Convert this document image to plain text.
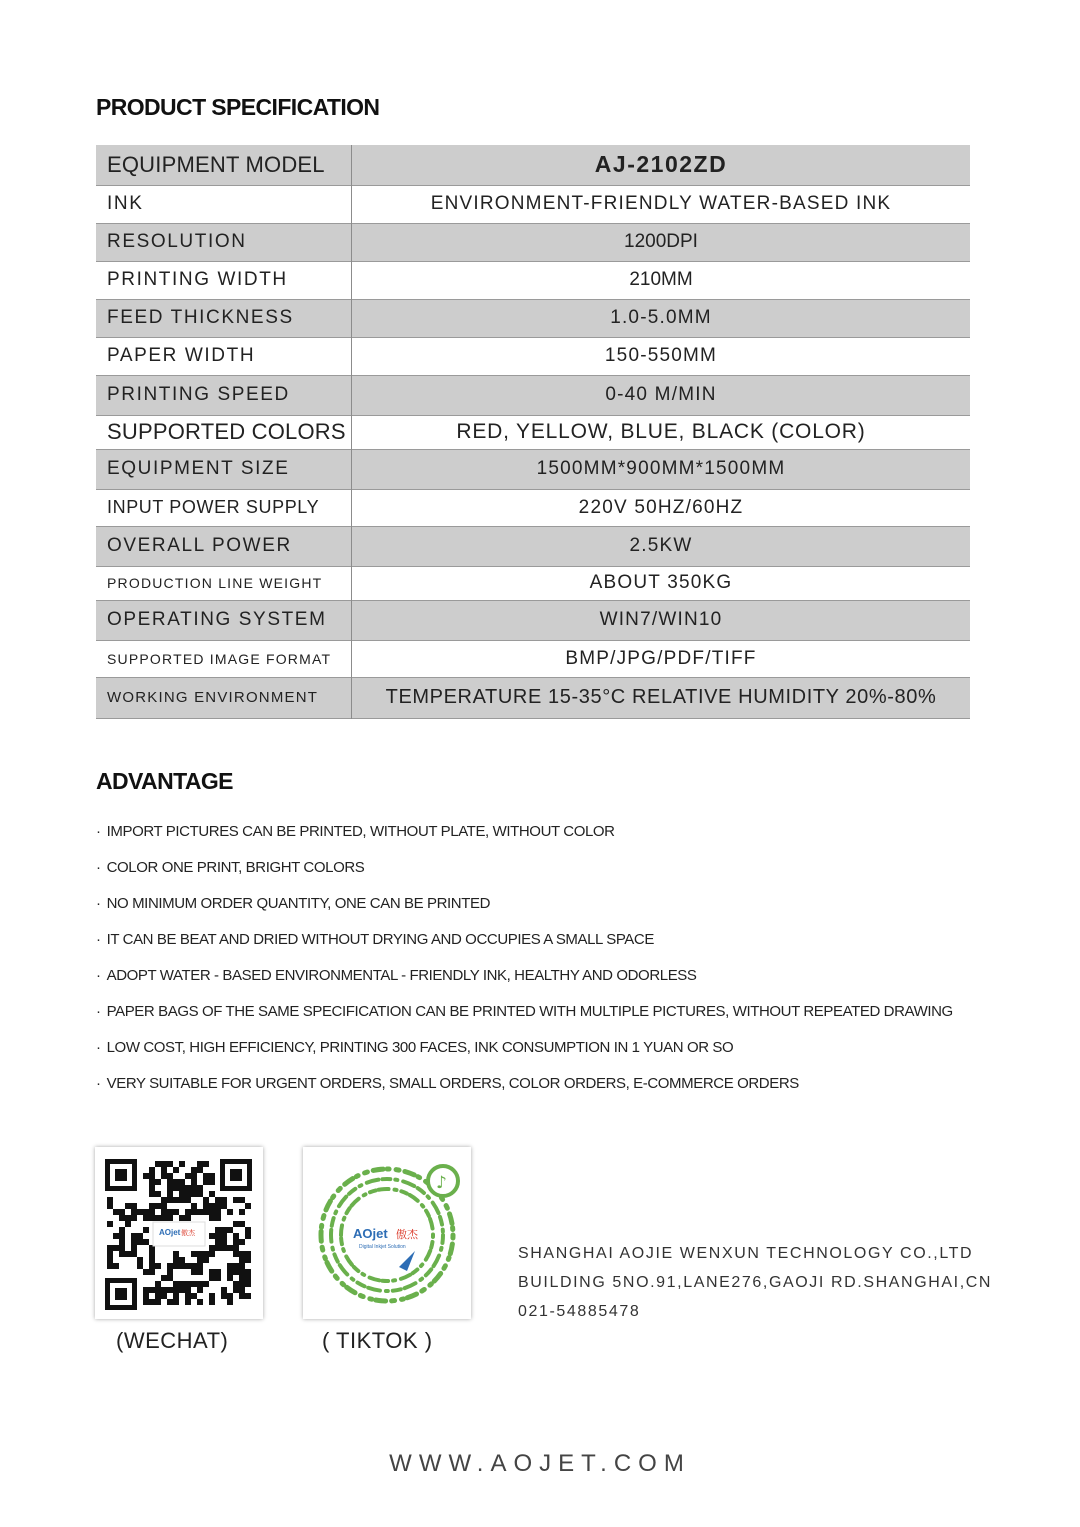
PRODUCT SPECIFICATION
EQUIPMENT MODEL	AJ-2102ZD
INK	ENVIRONMENT-FRIENDLY WATER-BASED INK
RESOLUTION	1200DPI
PRINTING WIDTH	210MM
FEED THICKNESS	1.0-5.0MM
PAPER WIDTH	150-550MM
PRINTING SPEED	0-40 M/MIN
SUPPORTED COLORS	RED, YELLOW, BLUE, BLACK (COLOR)
EQUIPMENT SIZE	1500MM*900MM*1500MM
INPUT POWER SUPPLY	220V 50HZ/60HZ
OVERALL POWER	2.5KW
PRODUCTION LINE WEIGHT	ABOUT 350KG
OPERATING SYSTEM	WIN7/WIN10
SUPPORTED IMAGE FORMAT	BMP/JPG/PDF/TIFF
WORKING ENVIRONMENT	TEMPERATURE 15-35°C RELATIVE HUMIDITY 20%-80%
ADVANTAGE
· IMPORT PICTURES CAN BE PRINTED, WITHOUT PLATE, WITHOUT COLOR
· COLOR ONE PRINT, BRIGHT COLORS
· NO MINIMUM ORDER QUANTITY, ONE CAN BE PRINTED
· IT CAN BE BEAT AND DRIED WITHOUT DRYING AND OCCUPIES A SMALL SPACE
· ADOPT WATER - BASED ENVIRONMENTAL - FRIENDLY INK, HEALTHY AND ODORLESS
· PAPER BAGS OF THE SAME SPECIFICATION CAN BE PRINTED WITH MULTIPLE PICTURES, WITHOUT REPEATED DRAWING
· LOW COST, HIGH EFFICIENCY, PRINTING 300 FACES, INK CONSUMPTION IN 1 YUAN OR SO
· VERY SUITABLE FOR URGENT ORDERS, SMALL ORDERS, COLOR ORDERS, E-COMMERCE ORDERS
AOjet 傲杰
(WECHAT)
♪
AOjet 傲杰
Digital Inkjet Solution
( TIKTOK )
SHANGHAI AOJIE WENXUN TECHNOLOGY CO.,LTD
BUILDING 5NO.91,LANE276,GAOJI RD.SHANGHAI,CN
021-54885478
WWW.AOJET.COM
